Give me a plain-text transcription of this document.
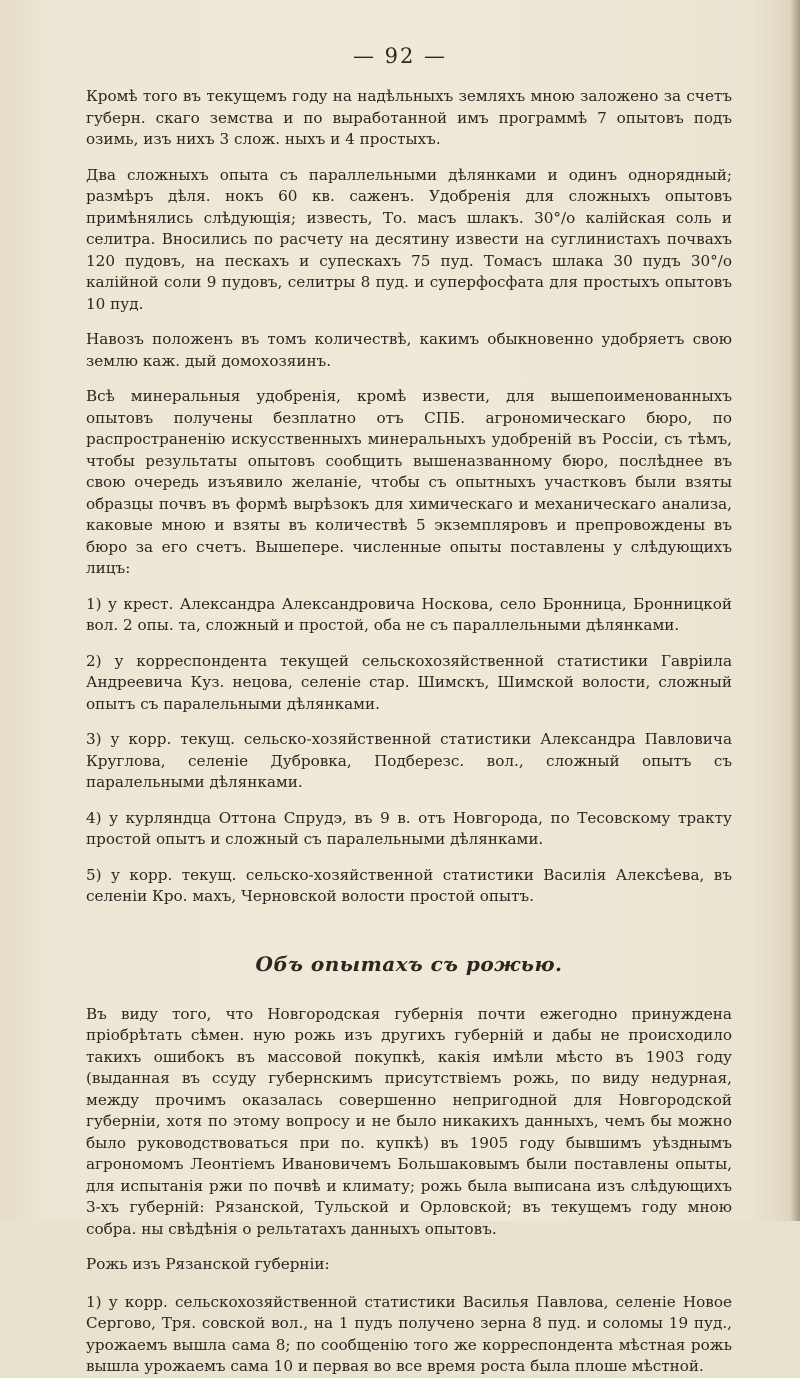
— 92 —

Кромѣ того въ текущемъ году на надѣльныхъ земляхъ мною заложено за счетъ губерн. скаго земства и по выработанной имъ программѣ 7 опытовъ подъ озимь, изъ нихъ 3 слож. ныхъ и 4 простыхъ.

Два сложныхъ опыта съ параллельными дѣлянками и одинъ однорядный; размѣръ дѣля. нокъ 60 кв. саженъ. Удобренія для сложныхъ опытовъ примѣнялись слѣдующія; известь, То. масъ шлакъ. 30°/о калійская соль и селитра. Вносились по расчету на десятину извести на суглинистахъ почвахъ 120 пудовъ, на пескахъ и супескахъ 75 пуд. Томасъ шлака 30 пудъ 30°/о калійной соли 9 пудовъ, селитры 8 пуд. и суперфосфата для простыхъ опытовъ 10 пуд.

Навозъ положенъ въ томъ количествѣ, какимъ обыкновенно удобряетъ свою землю каж. дый домохозяинъ.

Всѣ минеральныя удобренія, кромѣ извести, для вышепоименованныхъ опытовъ получены безплатно отъ СПБ. агрономическаго бюро, по распространенію искусственныхъ минеральныхъ удобреній въ Россіи, съ тѣмъ, чтобы результаты опытовъ сообщить вышеназванному бюро, послѣднее въ свою очередь изъявило желаніе, чтобы съ опытныхъ участковъ были взяты образцы почвъ въ формѣ вырѣзокъ для химическаго и механическаго анализа, каковые мною и взяты въ количествѣ 5 экземпляровъ и препровождены въ бюро за его счетъ. Вышепере. численные опыты поставлены у слѣдующихъ лицъ:

1) у крест. Александра Александровича Носкова, село Бронница, Бронницкой вол. 2 опы. та, сложный и простой, оба не съ параллельными дѣлянками.

2) у корреспондента текущей сельскохозяйственной статистики Гавріила Андреевича Куз. нецова, селеніе стар. Шимскъ, Шимской волости, сложный опытъ съ паралельными дѣлянками.

3) у корр. текущ. сельско-хозяйственной статистики Александра Павловича Круглова, селеніе Дубровка, Подберезс. вол., сложный опытъ съ паралельными дѣлянками.

4) у курляндца Оттона Спрудэ, въ 9 в. отъ Новгорода, по Тесовскому тракту простой опытъ и сложный съ паралельными дѣлянками.

5) у корр. текущ. сельско-хозяйственной статистики Василія Алексѣева, въ селеніи Кро. махъ, Черновской волости простой опытъ.

Объ опытахъ съ рожью.

Въ виду того, что Новгородская губернія почти ежегодно принуждена пріобрѣтать сѣмен. ную рожь изъ другихъ губерній и дабы не происходило такихъ ошибокъ въ массовой покупкѣ, какія имѣли мѣсто въ 1903 году (выданная въ ссуду губернскимъ присутствіемъ рожь, по виду недурная, между прочимъ оказалась совершенно непригодной для Новгородской губерніи, хотя по этому вопросу и не было никакихъ данныхъ, чемъ бы можно было руководствоваться при по. купкѣ) въ 1905 году бывшимъ уѣзднымъ агрономомъ Леонтіемъ Ивановичемъ Большаковымъ были поставлены опыты, для испытанія ржи по почвѣ и климату; рожь была выписана изъ слѣдующихъ 3-хъ губерній: Рязанской, Тульской и Орловской; въ текущемъ году мною собра. ны свѣдѣнія о рельтатахъ данныхъ опытовъ.

Рожь изъ Рязанской губерніи:

1) у корр. сельскохозяйственной статистики Василья Павлова, селеніе Новое Сергово, Тря. совской вол., на 1 пудъ получено зерна 8 пуд. и соломы 19 пуд., урожаемъ вышла сама 8; по сообщенію того же корреспондента мѣстная рожь вышла урожаемъ сама 10 и первая во все время роста была плоше мѣстной.
